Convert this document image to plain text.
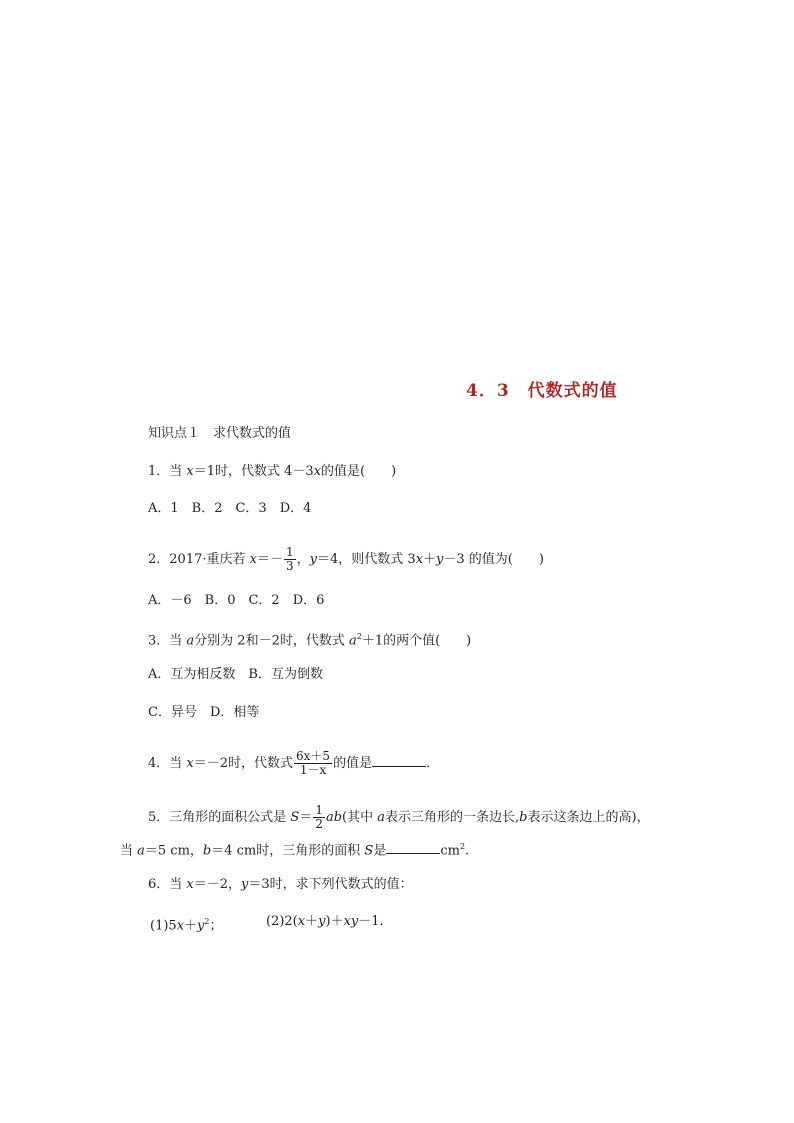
4．3　代数式的值
知识点１　求代数式的值
1．当 x＝1时，代数式 4－3x的值是(　　)
A．1　B．2　C．3　D．4
2．2017·重庆若 $x=- \frac{1}{3}$ ，y＝4，则代数式 3x＋y－3 的值为(　　)
A．－6　B．0　C．2　D．6
3．当 a分别为 2和－2时，代数式 $a^2+1$的两个值(　　)
A．互为相反数　B．互为倒数
C．异号　D．相等
4．当 x＝－2时，代数式 $\frac{6x+5}{1-x}$ 的值是	．
5．三角形的面积公式是 $S= \frac{1}{2} ab$(其中 a表示三角形的一条边长,b表示这条边上的高)，
当 a＝5 cm，b＝4 cm时，三角形的面积 S是	$cm^2$.
6．当 x＝－2，y＝3时，求下列代数式的值：
$(1)5x+y^2$；	(2)2(x＋y)＋xy－1.
